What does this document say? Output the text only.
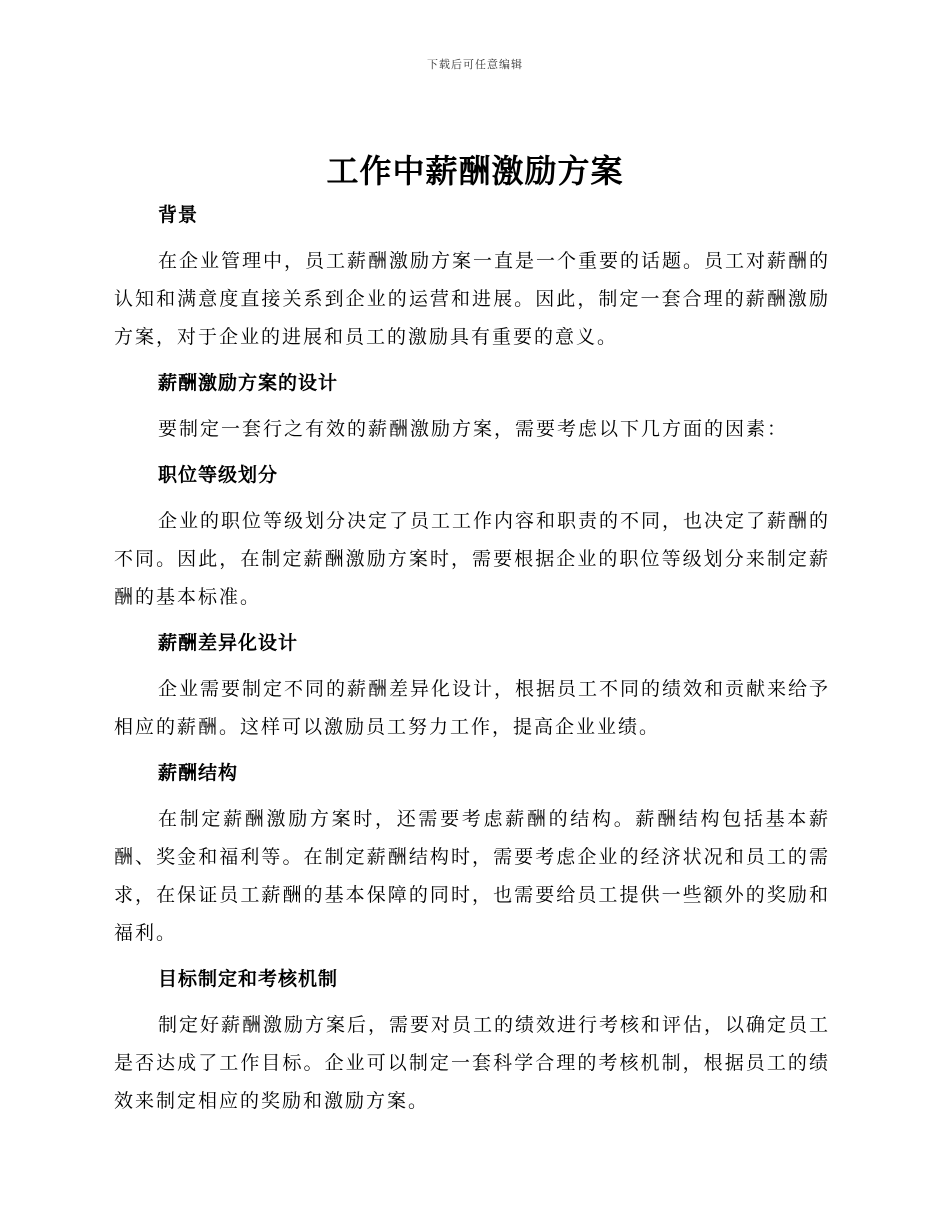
下载后可任意编辑
工作中薪酬激励方案
背景
在企业管理中，员工薪酬激励方案一直是一个重要的话题。员工对薪酬的认知和满意度直接关系到企业的运营和进展。因此，制定一套合理的薪酬激励方案，对于企业的进展和员工的激励具有重要的意义。
薪酬激励方案的设计
要制定一套行之有效的薪酬激励方案，需要考虑以下几方面的因素：
职位等级划分
企业的职位等级划分决定了员工工作内容和职责的不同，也决定了薪酬的不同。因此，在制定薪酬激励方案时，需要根据企业的职位等级划分来制定薪酬的基本标准。
薪酬差异化设计
企业需要制定不同的薪酬差异化设计，根据员工不同的绩效和贡献来给予相应的薪酬。这样可以激励员工努力工作，提高企业业绩。
薪酬结构
在制定薪酬激励方案时，还需要考虑薪酬的结构。薪酬结构包括基本薪酬、奖金和福利等。在制定薪酬结构时，需要考虑企业的经济状况和员工的需求，在保证员工薪酬的基本保障的同时，也需要给员工提供一些额外的奖励和福利。
目标制定和考核机制
制定好薪酬激励方案后，需要对员工的绩效进行考核和评估，以确定员工是否达成了工作目标。企业可以制定一套科学合理的考核机制，根据员工的绩效来制定相应的奖励和激励方案。
